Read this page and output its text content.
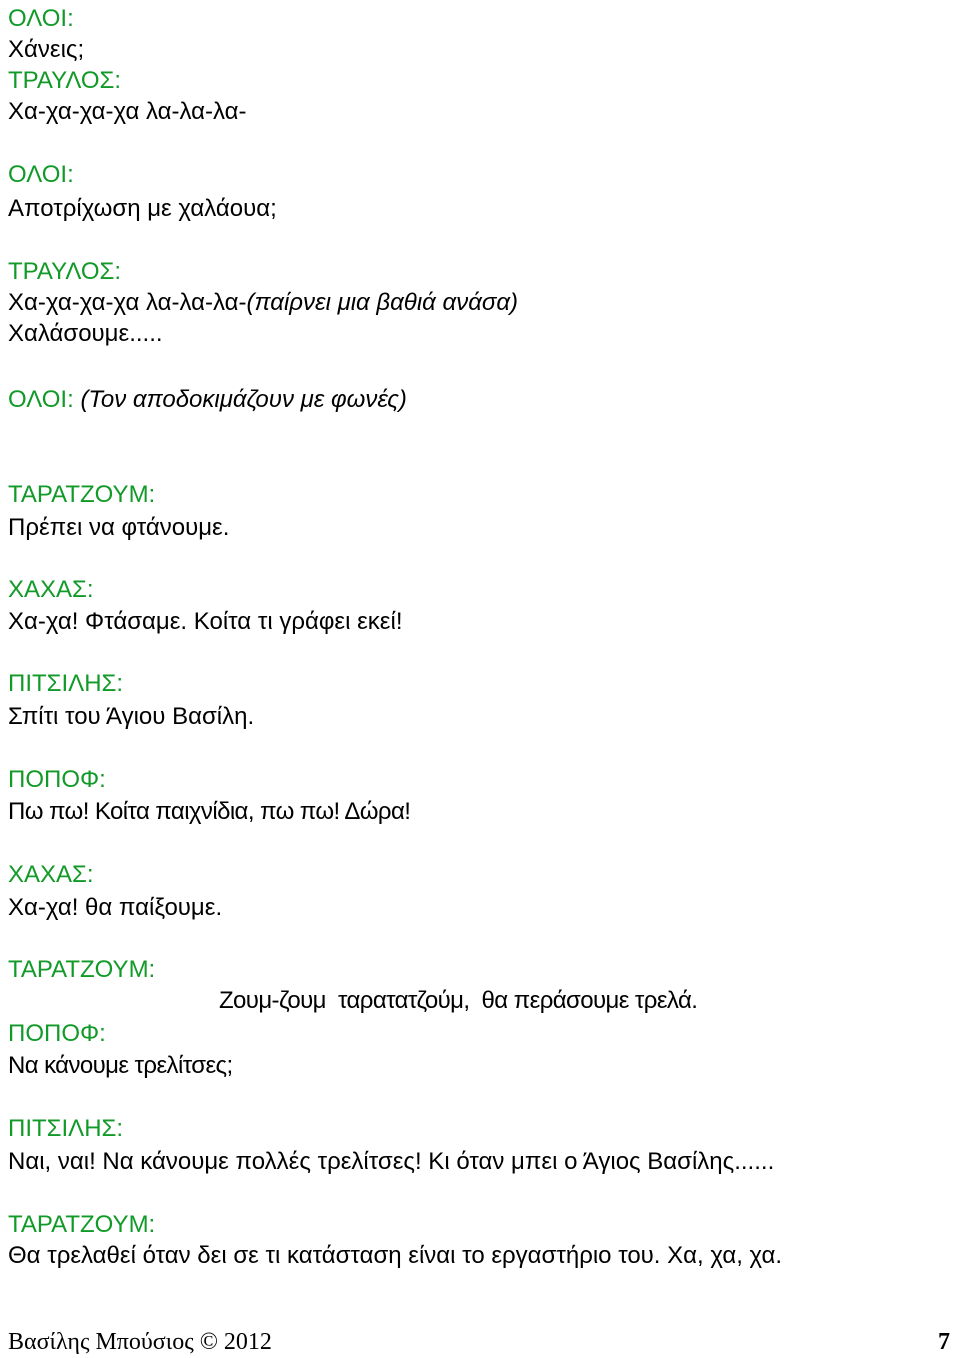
ΟΛΟΙ:
Χάνεις;
ΤΡΑΥΛΟΣ:
Χα-χα-χα-χα λα-λα-λα-
ΟΛΟΙ:
Αποτρίχωση με χαλάουα;
ΤΡΑΥΛΟΣ:
Χα-χα-χα-χα λα-λα-λα-(παίρνει μια βαθιά ανάσα)
Χαλάσουμε.....
ΟΛΟΙ: (Τον αποδοκιμάζουν με φωνές)
ΤΑΡΑΤΖΟΥΜ:
Πρέπει να φτάνουμε.
ΧΑΧΑΣ:
Χα-χα! Φτάσαμε. Κοίτα τι γράφει εκεί!
ΠΙΤΣΙΛΗΣ:
Σπίτι του Άγιου Βασίλη.
ΠΟΠΟΦ:
Πω πω! Κοίτα παιχνίδια, πω πω! Δώρα!
ΧΑΧΑΣ:
Χα-χα! θα παίξουμε.
ΤΑΡΑΤΖΟΥΜ:
Ζουμ-ζουμ  ταρατατζούμ,  θα περάσουμε τρελά.
ΠΟΠΟΦ:
Να κάνουμε τρελίτσες;
ΠΙΤΣΙΛΗΣ:
Ναι, ναι! Να κάνουμε πολλές τρελίτσες! Κι όταν μπει ο Άγιος Βασίλης......
ΤΑΡΑΤΖΟΥΜ:
Θα τρελαθεί όταν δει σε τι κατάσταση είναι το εργαστήριο του. Χα, χα, χα.
Βασίλης Μπούσιος © 2012	7
